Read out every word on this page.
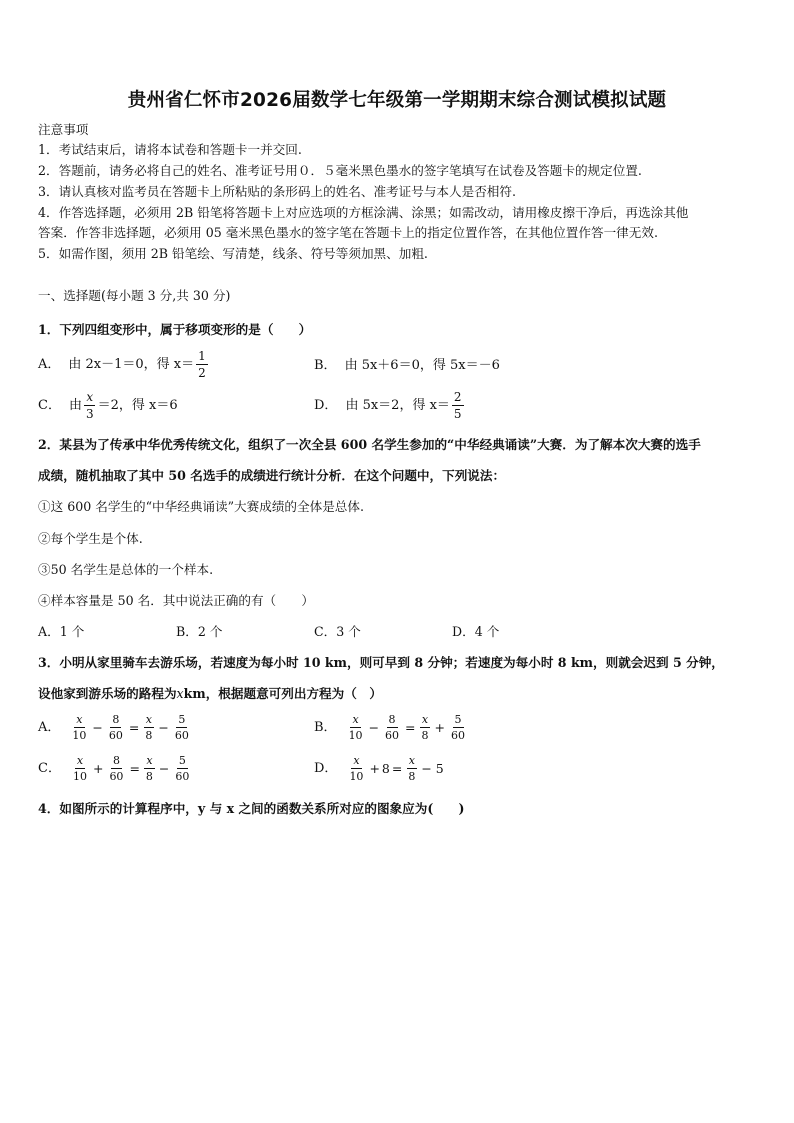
贵州省仁怀市2026届数学七年级第一学期期末综合测试模拟试题
注意事项
1．考试结束后，请将本试卷和答题卡一并交回.
2．答题前，请务必将自己的姓名、准考证号用０．５毫米黑色墨水的签字笔填写在试卷及答题卡的规定位置.
3．请认真核对监考员在答题卡上所粘贴的条形码上的姓名、准考证号与本人是否相符.
4．作答选择题，必须用 2B 铅笔将答题卡上对应选项的方框涂满、涂黑；如需改动，请用橡皮擦干净后，再选涂其他
答案．作答非选择题，必须用 05 毫米黑色墨水的签字笔在答题卡上的指定位置作答，在其他位置作答一律无效.
5．如需作图，须用 2B 铅笔绘、写清楚，线条、符号等须加黑、加粗.
一、选择题(每小题 3 分,共 30 分)
1．下列四组变形中，属于移项变形的是（　　）
A． 由 2x－1＝0，得 $x= \frac{1}{2}$	B． 由 5x＋6＝0，得 5x＝－6
C． 由 $\frac{x}{3} =2$，得 x＝6	D． 由 5x＝2，得 $x= \frac{2}{5}$
2．某县为了传承中华优秀传统文化，组织了一次全县 600 名学生参加的“中华经典诵读”大赛．为了解本次大赛的选手
成绩，随机抽取了其中 50 名选手的成绩进行统计分析．在这个问题中，下列说法：
①这 600 名学生的“中华经典诵读”大赛成绩的全体是总体.
②每个学生是个体.
③50 名学生是总体的一个样本.
④样本容量是 50 名．其中说法正确的有（　　）
A．1 个	B．2 个	C．3 个	D．4 个
3．小明从家里骑车去游乐场，若速度为每小时 10 km，则可早到 8 分钟；若速度为每小时 8 km，则就会迟到 5 分钟，
设他家到游乐场的路程为xkm，根据题意可列出方程为（　）
A． $\frac{x}{10} - \frac{8}{60} = \frac{x}{8} - \frac{5}{60}$	B． $\frac{x}{10} - \frac{8}{60} = \frac{x}{8} + \frac{5}{60}$
C． $\frac{x}{10} + \frac{8}{60} = \frac{x}{8} - \frac{5}{60}$	D． $\frac{x}{10} + 8 = \frac{x}{8} - 5$
4．如图所示的计算程序中，y 与 x 之间的函数关系所对应的图象应为(　　)
